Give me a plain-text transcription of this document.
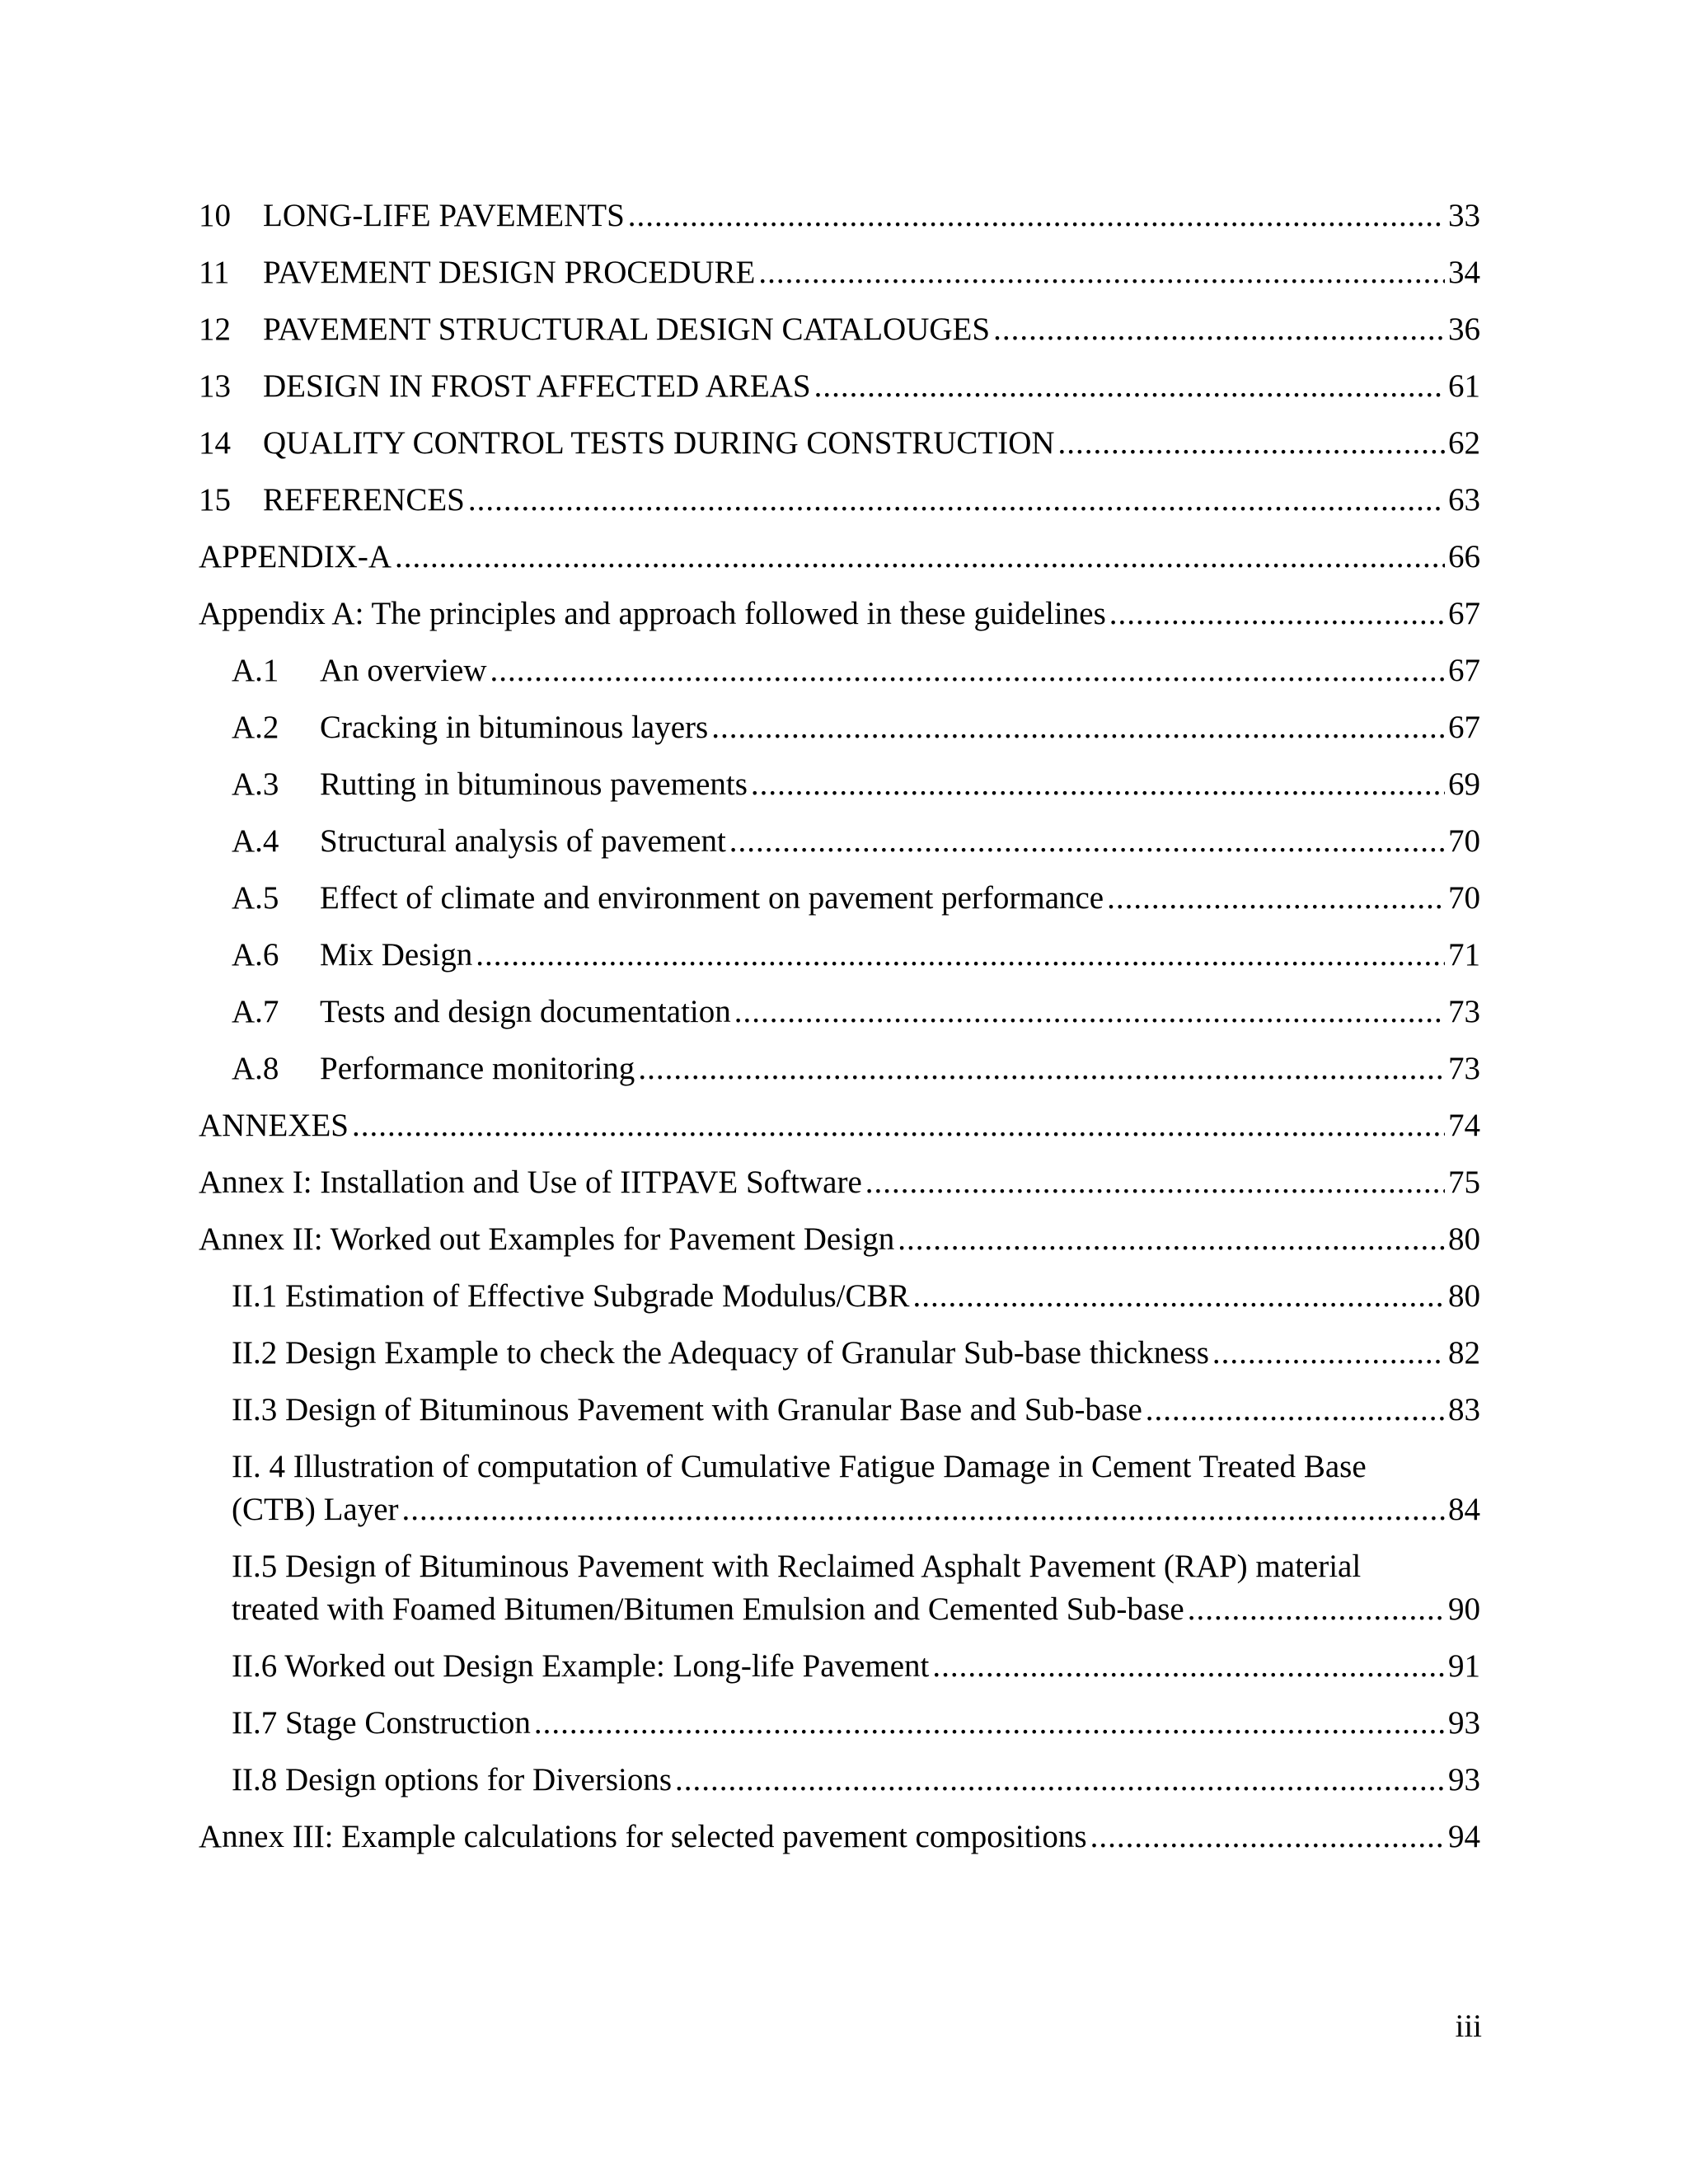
10	LONG-LIFE PAVEMENTS .....	33
11	PAVEMENT DESIGN PROCEDURE .....	34
12	PAVEMENT STRUCTURAL DESIGN CATALOUGES .....	36
13	DESIGN IN FROST AFFECTED AREAS .....	61
14	QUALITY CONTROL TESTS DURING CONSTRUCTION .....	62
15	REFERENCES .....	63
APPENDIX-A .....	66
Appendix A: The principles and approach followed in these guidelines .....	67
A.1	An overview .....	67
A.2	Cracking in bituminous layers .....	67
A.3	Rutting in bituminous pavements .....	69
A.4	Structural analysis of pavement .....	70
A.5	Effect of climate and environment on pavement performance .....	70
A.6	Mix Design .....	71
A.7	Tests and design documentation .....	73
A.8	Performance monitoring .....	73
ANNEXES .....	74
Annex I: Installation and Use of IITPAVE Software .....	75
Annex II: Worked out Examples for Pavement Design .....	80
II.1 Estimation of Effective Subgrade Modulus/CBR .....	80
II.2 Design Example to check the Adequacy of Granular Sub-base thickness .....	82
II.3 Design of Bituminous Pavement with Granular Base and Sub-base .....	83
II. 4 Illustration of computation of Cumulative Fatigue Damage in Cement Treated Base
(CTB) Layer .....	84
II.5 Design of Bituminous Pavement with Reclaimed Asphalt Pavement (RAP) material
treated with Foamed Bitumen/Bitumen Emulsion and Cemented Sub-base .....	90
II.6 Worked out Design Example: Long-life Pavement .....	91
II.7 Stage Construction .....	93
II.8 Design options for Diversions .....	93
Annex III: Example calculations for selected pavement compositions .....	94
iii
